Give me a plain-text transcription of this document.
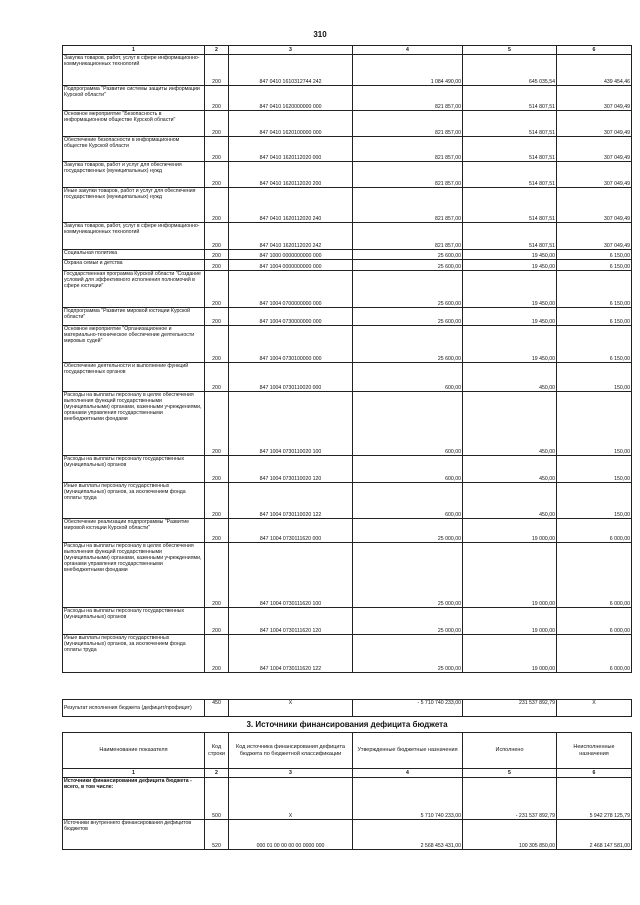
310
1	2	3	4	5	6
Закупка товаров, работ, услуг в сфере информационно-коммуникационных технологий	200	847 0410 1610312744 242	1 084 490,00	645 035,54	439 454,46
Подпрограмма "Развитие системы защиты информации Курской области"	200	847 0410 1620000000 000	821 857,00	514 807,51	307 049,49
Основное мероприятие "Безопасность в информационном обществе Курской области"	200	847 0410 1620100000 000	821 857,00	514 807,51	307 049,49
Обеспечение безопасности в информационном обществе Курской области	200	847 0410 1620112020 000	821 857,00	514 807,51	307 049,49
Закупка товаров, работ и услуг для обеспечения государственных (муниципальных) нужд	200	847 0410 1620112020 200	821 857,00	514 807,51	307 049,49
Иные закупки товаров, работ и услуг для обеспечения государственных (муниципальных) нужд	200	847 0410 1620112020 240	821 857,00	514 807,51	307 049,49
Закупка товаров, работ, услуг в сфере информационно-коммуникационных технологий	200	847 0410 1620112020 242	821 857,00	514 807,51	307 049,49
Социальная политика	200	847 1000 0000000000 000	25 600,00	19 450,00	6 150,00
Охрана семьи и детства	200	847 1004 0000000000 000	25 600,00	19 450,00	6 150,00
Государственная программа Курской области "Создание условий для эффективного исполнения полномочий в сфере юстиции"	200	847 1004 0700000000 000	25 600,00	19 450,00	6 150,00
Подпрограмма "Развитие мировой юстиции Курской области"	200	847 1004 0730000000 000	25 600,00	19 450,00	6 150,00
Основное мероприятие "Организационное и материально-техническое обеспечение деятельности мировых судей"	200	847 1004 0730100000 000	25 600,00	19 450,00	6 150,00
Обеспечение деятельности и выполнение функций государственных органов	200	847 1004 0730110020 000	600,00	450,00	150,00
Расходы на выплаты персоналу в целях обеспечения выполнения функций государственными (муниципальными) органами, казенными учреждениями, органами управления государственными внебюджетными фондами	200	847 1004 0730110020 100	600,00	450,00	150,00
Расходы на выплаты персоналу государственных (муниципальных) органов	200	847 1004 0730110020 120	600,00	450,00	150,00
Иные выплаты персоналу государственных (муниципальных) органов, за исключением фонда оплаты труда	200	847 1004 0730110020 122	600,00	450,00	150,00
Обеспечение реализации подпрограммы "Развитие мировой юстиции Курской области"	200	847 1004 0730111620 000	25 000,00	19 000,00	6 000,00
Расходы на выплаты персоналу в целях обеспечения выполнения функций государственными (муниципальными) органами, казенными учреждениями, органами управления государственными внебюджетными фондами	200	847 1004 0730111620 100	25 000,00	19 000,00	6 000,00
Расходы на выплаты персоналу государственных (муниципальных) органов	200	847 1004 0730111620 120	25 000,00	19 000,00	6 000,00
Иные выплаты персоналу государственных (муниципальных) органов, за исключением фонда оплаты труда	200	847 1004 0730111620 122	25 000,00	19 000,00	6 000,00
Результат исполнения бюджета (дефицит/профицит)	450	X	- 5 710 740 233,00	231 537 892,79	X
3. Источники финансирования дефицита бюджета
Наименование показателя	Код строки	Код источника финансирования дефицита бюджета по бюджетной классификации	Утвержденные бюджетные назначения	Исполнено	Неисполненные назначения
1	2	3	4	5	6
Источники финансирования дефицита бюджета - всего, в том числе:	500	X	5 710 740 233,00	- 231 537 892,79	5 942 278 125,79
Источники внутреннего финансирования дефицитов бюджетов	520	000 01 00 00 00 00 0000 000	2 568 453 431,00	100 305 850,00	2 468 147 581,00
